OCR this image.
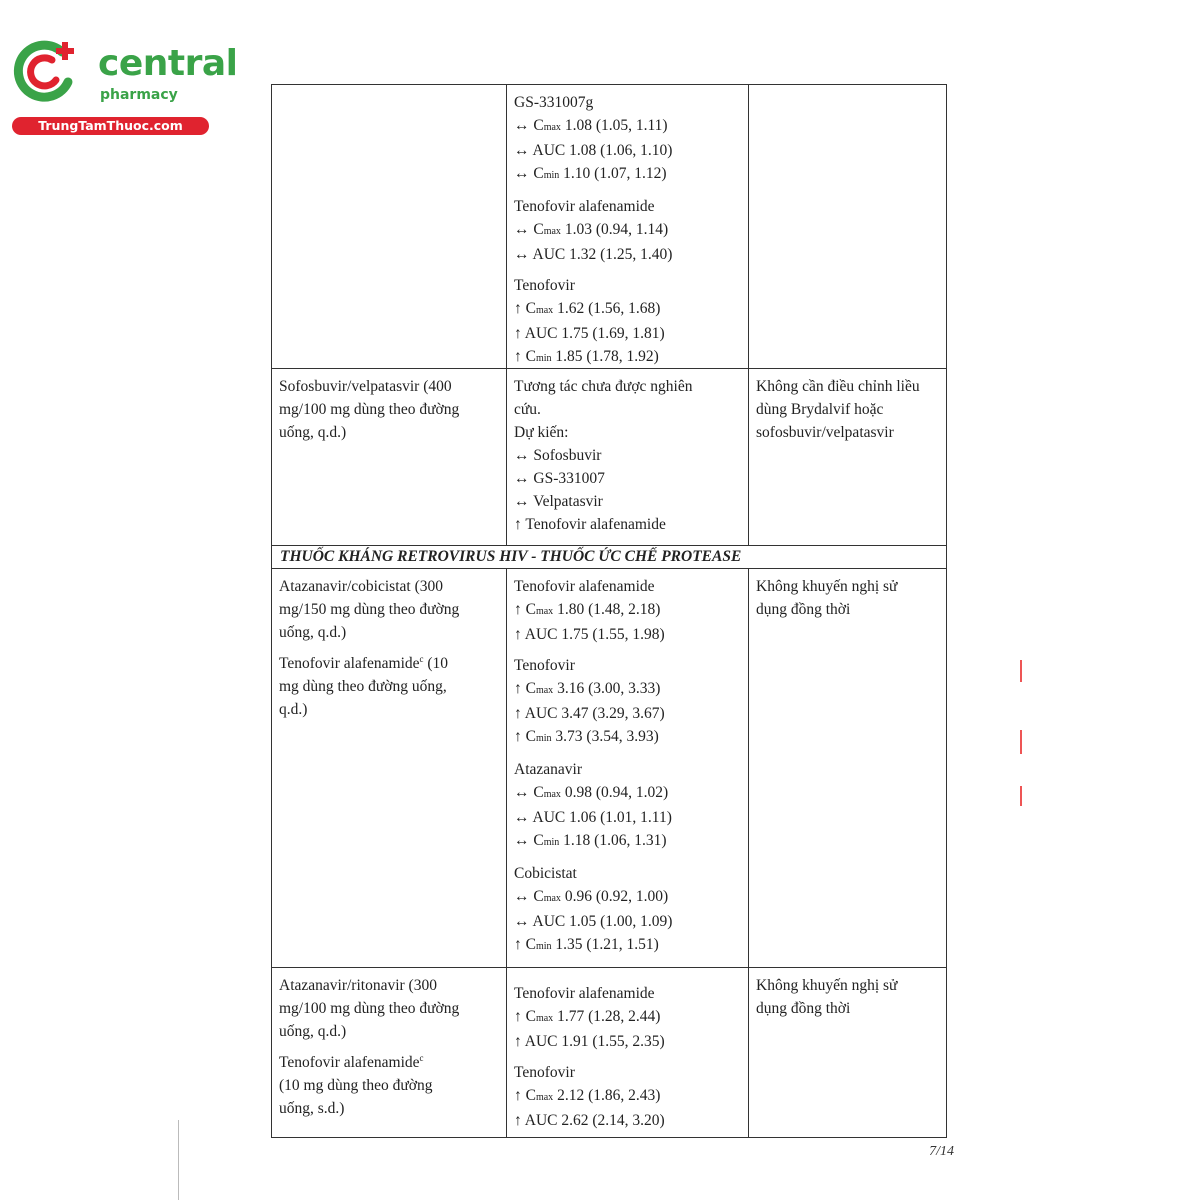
central
pharmacy
TrungTamThuoc.com
GS-331007g
↔ Cmax 1.08 (1.05, 1.11)
↔ AUC 1.08 (1.06, 1.10)
↔ Cmin 1.10 (1.07, 1.12)
Tenofovir alafenamide
↔ Cmax 1.03 (0.94, 1.14)
↔ AUC 1.32 (1.25, 1.40)
Tenofovir
↑ Cmax 1.62 (1.56, 1.68)
↑ AUC 1.75 (1.69, 1.81)
↑ Cmin 1.85 (1.78, 1.92)
Sofosbuvir/velpatasvir (400
mg/100 mg dùng theo đường
uống, q.d.)
Tương tác chưa được nghiên
cứu.
Dự kiến:
↔ Sofosbuvir
↔ GS-331007
↔ Velpatasvir
↑ Tenofovir alafenamide
Không cần điều chỉnh liều
dùng Brydalvif hoặc
sofosbuvir/velpatasvir
THUỐC KHÁNG RETROVIRUS HIV - THUỐC ỨC CHẾ PROTEASE
Atazanavir/cobicistat (300
mg/150 mg dùng theo đường
uống, q.d.)
Tenofovir alafenamide$^c$ (10
mg dùng theo đường uống,
q.d.)
Tenofovir alafenamide
↑ Cmax 1.80 (1.48, 2.18)
↑ AUC 1.75 (1.55, 1.98)
Tenofovir
↑ Cmax 3.16 (3.00, 3.33)
↑ AUC 3.47 (3.29, 3.67)
↑ Cmin 3.73 (3.54, 3.93)
Atazanavir
↔ Cmax 0.98 (0.94, 1.02)
↔ AUC 1.06 (1.01, 1.11)
↔ Cmin 1.18 (1.06, 1.31)
Cobicistat
↔ Cmax 0.96 (0.92, 1.00)
↔ AUC 1.05 (1.00, 1.09)
↑ Cmin 1.35 (1.21, 1.51)
Không khuyến nghị sử
dụng đồng thời
Atazanavir/ritonavir (300
mg/100 mg dùng theo đường
uống, q.d.)
Tenofovir alafenamide$^c$
(10 mg dùng theo đường
uống, s.d.)
Tenofovir alafenamide
↑ Cmax 1.77 (1.28, 2.44)
↑ AUC 1.91 (1.55, 2.35)
Tenofovir
↑ Cmax 2.12 (1.86, 2.43)
↑ AUC 2.62 (2.14, 3.20)
Không khuyến nghị sử
dụng đồng thời
7/14
